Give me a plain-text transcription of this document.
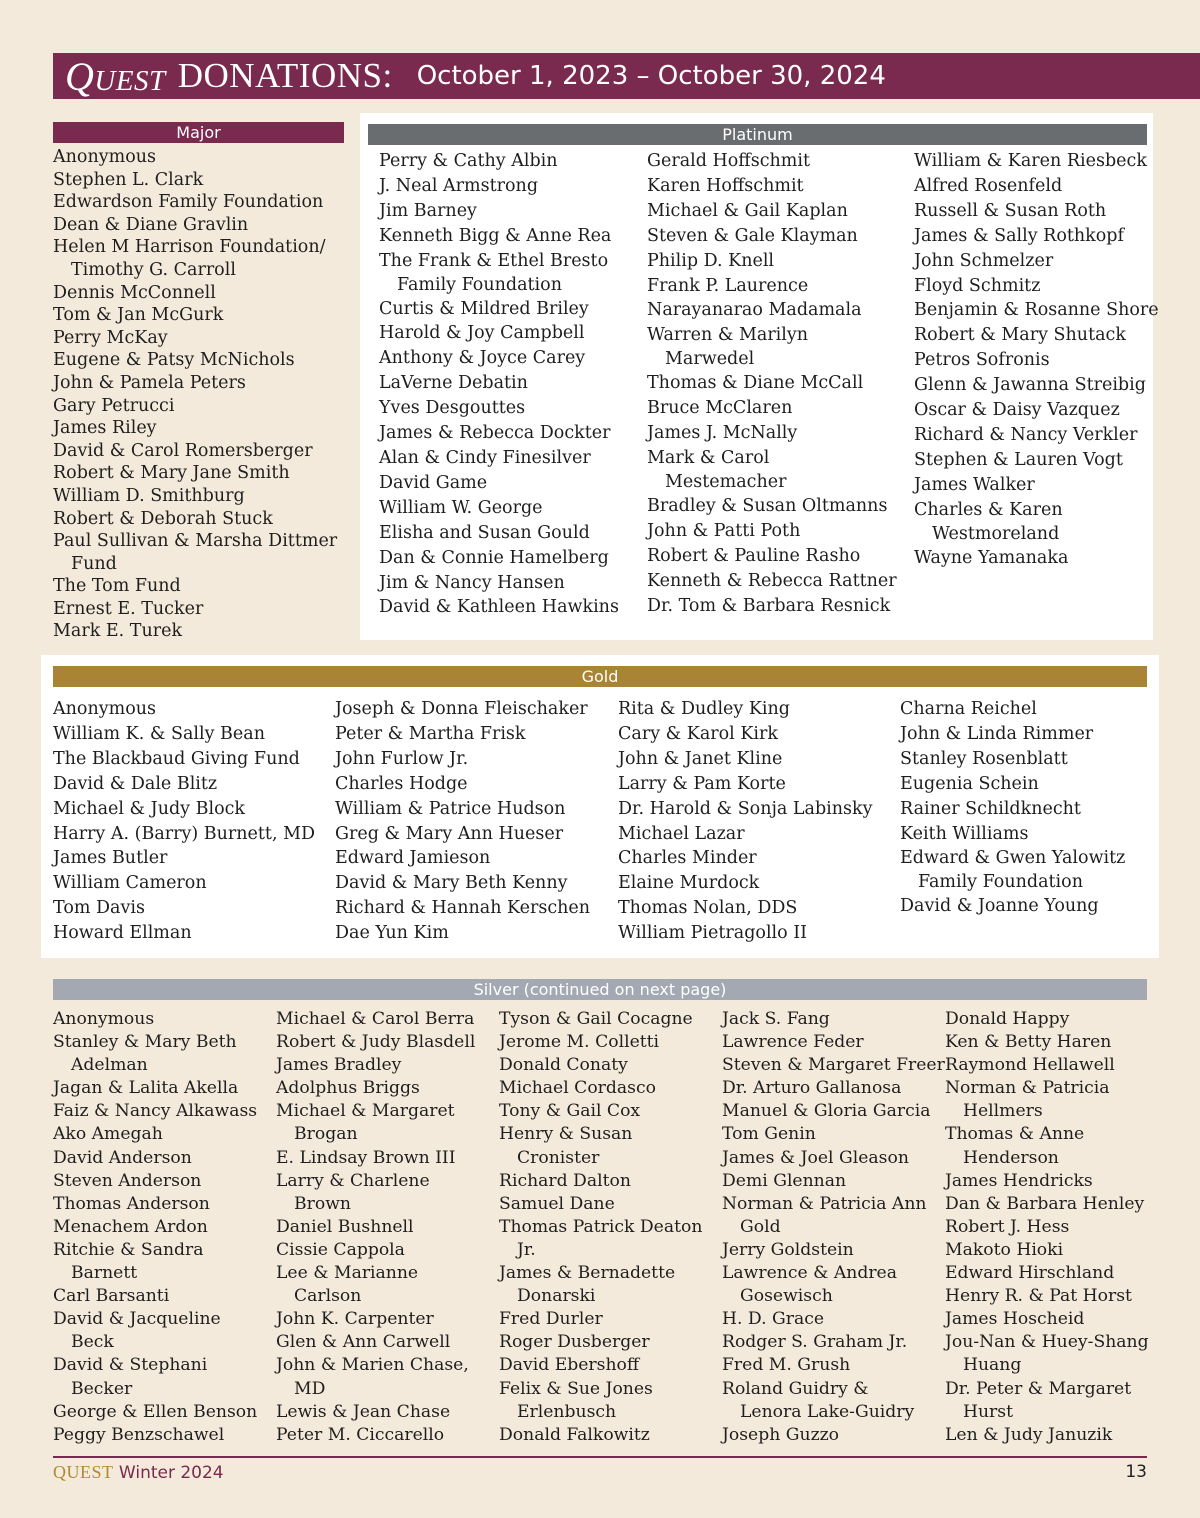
QUEST DONATIONS: October 1, 2023 – October 30, 2024
Major
Anonymous
Stephen L. Clark
Edwardson Family Foundation
Dean & Diane Gravlin
Helen M Harrison Foundation/
Timothy G. Carroll
Dennis McConnell
Tom & Jan McGurk
Perry McKay
Eugene & Patsy McNichols
John & Pamela Peters
Gary Petrucci
James Riley
David & Carol Romersberger
Robert & Mary Jane Smith
William D. Smithburg
Robert & Deborah Stuck
Paul Sullivan & Marsha Dittmer
Fund
The Tom Fund
Ernest E. Tucker
Mark E. Turek
Platinum
Perry & Cathy Albin
J. Neal Armstrong
Jim Barney
Kenneth Bigg & Anne Rea
The Frank & Ethel Bresto
Family Foundation
Curtis & Mildred Briley
Harold & Joy Campbell
Anthony & Joyce Carey
LaVerne Debatin
Yves Desgouttes
James & Rebecca Dockter
Alan & Cindy Finesilver
David Game
William W. George
Elisha and Susan Gould
Dan & Connie Hamelberg
Jim & Nancy Hansen
David & Kathleen Hawkins
Gerald Hoffschmit
Karen Hoffschmit
Michael & Gail Kaplan
Steven & Gale Klayman
Philip D. Knell
Frank P. Laurence
Narayanarao Madamala
Warren & Marilyn
Marwedel
Thomas & Diane McCall
Bruce McClaren
James J. McNally
Mark & Carol
Mestemacher
Bradley & Susan Oltmanns
John & Patti Poth
Robert & Pauline Rasho
Kenneth & Rebecca Rattner
Dr. Tom & Barbara Resnick
William & Karen Riesbeck
Alfred Rosenfeld
Russell & Susan Roth
James & Sally Rothkopf
John Schmelzer
Floyd Schmitz
Benjamin & Rosanne Shore
Robert & Mary Shutack
Petros Sofronis
Glenn & Jawanna Streibig
Oscar & Daisy Vazquez
Richard & Nancy Verkler
Stephen & Lauren Vogt
James Walker
Charles & Karen
Westmoreland
Wayne Yamanaka
Gold
Anonymous
William K. & Sally Bean
The Blackbaud Giving Fund
David & Dale Blitz
Michael & Judy Block
Harry A. (Barry) Burnett, MD
James Butler
William Cameron
Tom Davis
Howard Ellman
Joseph & Donna Fleischaker
Peter & Martha Frisk
John Furlow Jr.
Charles Hodge
William & Patrice Hudson
Greg & Mary Ann Hueser
Edward Jamieson
David & Mary Beth Kenny
Richard & Hannah Kerschen
Dae Yun Kim
Rita & Dudley King
Cary & Karol Kirk
John & Janet Kline
Larry & Pam Korte
Dr. Harold & Sonja Labinsky
Michael Lazar
Charles Minder
Elaine Murdock
Thomas Nolan, DDS
William Pietragollo II
Charna Reichel
John & Linda Rimmer
Stanley Rosenblatt
Eugenia Schein
Rainer Schildknecht
Keith Williams
Edward & Gwen Yalowitz
Family Foundation
David & Joanne Young
Silver (continued on next page)
Anonymous
Stanley & Mary Beth
Adelman
Jagan & Lalita Akella
Faiz & Nancy Alkawass
Ako Amegah
David Anderson
Steven Anderson
Thomas Anderson
Menachem Ardon
Ritchie & Sandra
Barnett
Carl Barsanti
David & Jacqueline
Beck
David & Stephani
Becker
George & Ellen Benson
Peggy Benzschawel
Michael & Carol Berra
Robert & Judy Blasdell
James Bradley
Adolphus Briggs
Michael & Margaret
Brogan
E. Lindsay Brown III
Larry & Charlene
Brown
Daniel Bushnell
Cissie Cappola
Lee & Marianne
Carlson
John K. Carpenter
Glen & Ann Carwell
John & Marien Chase,
MD
Lewis & Jean Chase
Peter M. Ciccarello
Tyson & Gail Cocagne
Jerome M. Colletti
Donald Conaty
Michael Cordasco
Tony & Gail Cox
Henry & Susan
Cronister
Richard Dalton
Samuel Dane
Thomas Patrick Deaton
Jr.
James & Bernadette
Donarski
Fred Durler
Roger Dusberger
David Ebershoff
Felix & Sue Jones
Erlenbusch
Donald Falkowitz
Jack S. Fang
Lawrence Feder
Steven & Margaret Freer
Dr. Arturo Gallanosa
Manuel & Gloria Garcia
Tom Genin
James & Joel Gleason
Demi Glennan
Norman & Patricia Ann
Gold
Jerry Goldstein
Lawrence & Andrea
Gosewisch
H. D. Grace
Rodger S. Graham Jr.
Fred M. Grush
Roland Guidry &
Lenora Lake-Guidry
Joseph Guzzo
Donald Happy
Ken & Betty Haren
Raymond Hellawell
Norman & Patricia
Hellmers
Thomas & Anne
Henderson
James Hendricks
Dan & Barbara Henley
Robert J. Hess
Makoto Hioki
Edward Hirschland
Henry R. & Pat Horst
James Hoscheid
Jou-Nan & Huey-Shang
Huang
Dr. Peter & Margaret
Hurst
Len & Judy Januzik
QUEST Winter 2024	13
